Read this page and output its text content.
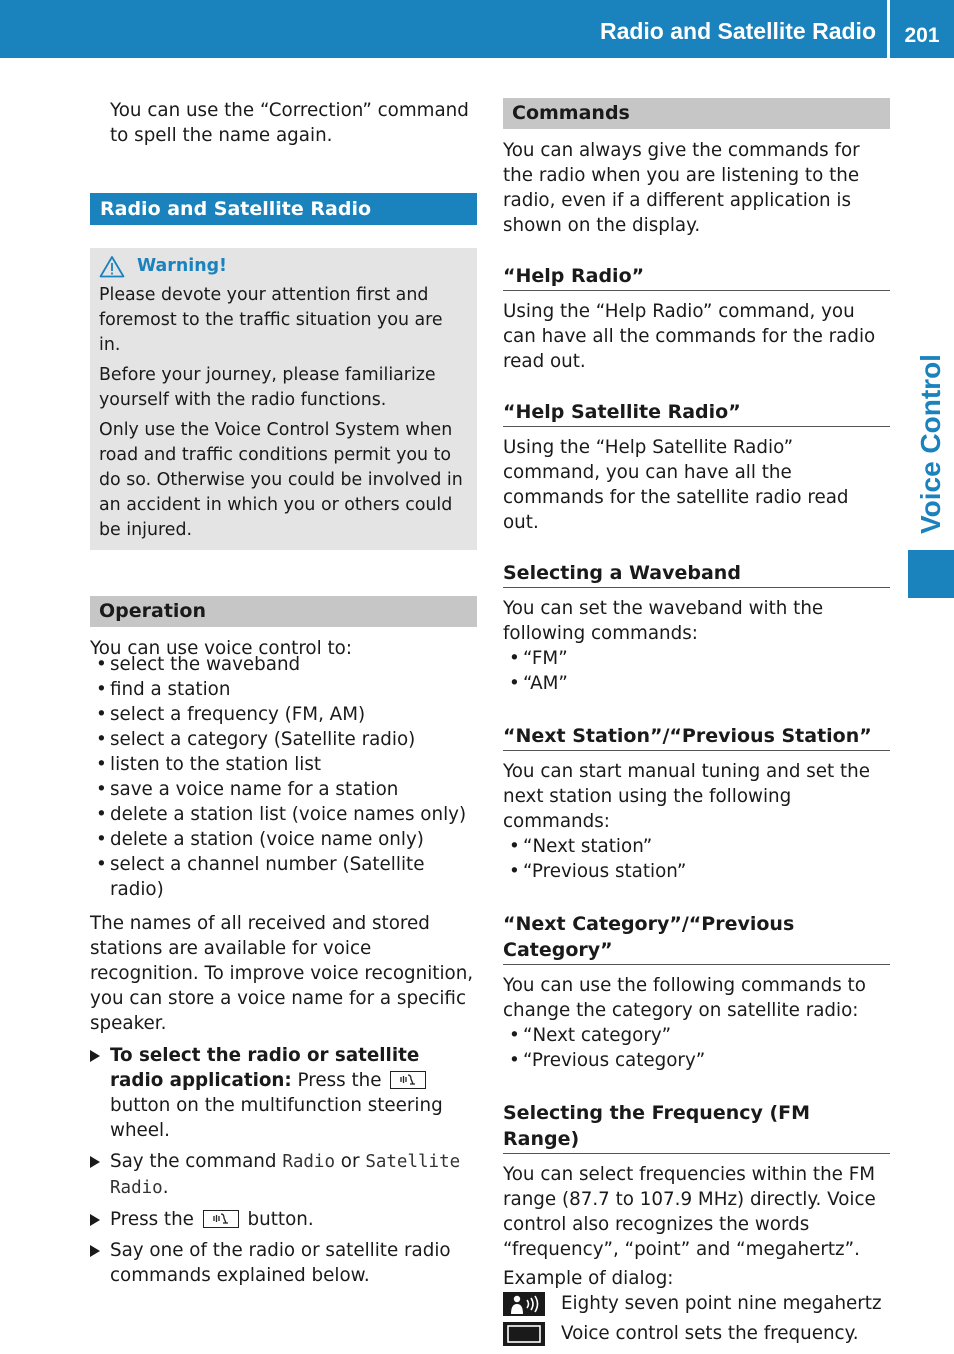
Radio and Satellite Radio	201
Voice Control

You can use the “Correction” command to spell the name again.

Radio and Satellite Radio
Warning!

Please devote your attention first and foremost to the traffic situation you are in.

Before your journey, please familiarize yourself with the radio functions.

Only use the Voice Control System when road and traffic conditions permit you to do so. Otherwise you could be involved in an accident in which you or others could be injured.

Operation

You can use voice control to:

• select the waveband

• find a station

• select a frequency (FM, AM)

• select a category (Satellite radio)

• listen to the station list

• save a voice name for a station

• delete a station list (voice names only)

• delete a station (voice name only)

• select a channel number (Satellite radio)

The names of all received and stored stations are available for voice recognition. To improve voice recognition, you can store a voice name for a specific speaker.

To select the radio or satellite radio application: Press the
button on the multifunction steering wheel.
Say the command Radio or Satellite Radio.
Press the
button.
Say one of the radio or satellite radio commands explained below.
Commands

You can always give the commands for the radio when you are listening to the radio, even if a different application is shown on the display.

“Help Radio”

Using the “Help Radio” command, you can have all the commands for the radio read out.

“Help Satellite Radio”

Using the “Help Satellite Radio” command, you can have all the commands for the satellite radio read out.

Selecting a Waveband

You can set the waveband with the following commands:

• “FM”

• “AM”

“Next Station”/“Previous Station”

You can start manual tuning and set the next station using the following commands:

• “Next station”

• “Previous station”

“Next Category”/“Previous Category”

You can use the following commands to change the category on satellite radio:

• “Next category”

• “Previous category”

Selecting the Frequency (FM Range)

You can select frequencies within the FM range (87.7 to 107.9 MHz) directly. Voice control also recognizes the words “frequency”, “point” and “megahertz”.

Example of dialog:

Eighty seven point nine megahertz
Voice control sets the frequency.
